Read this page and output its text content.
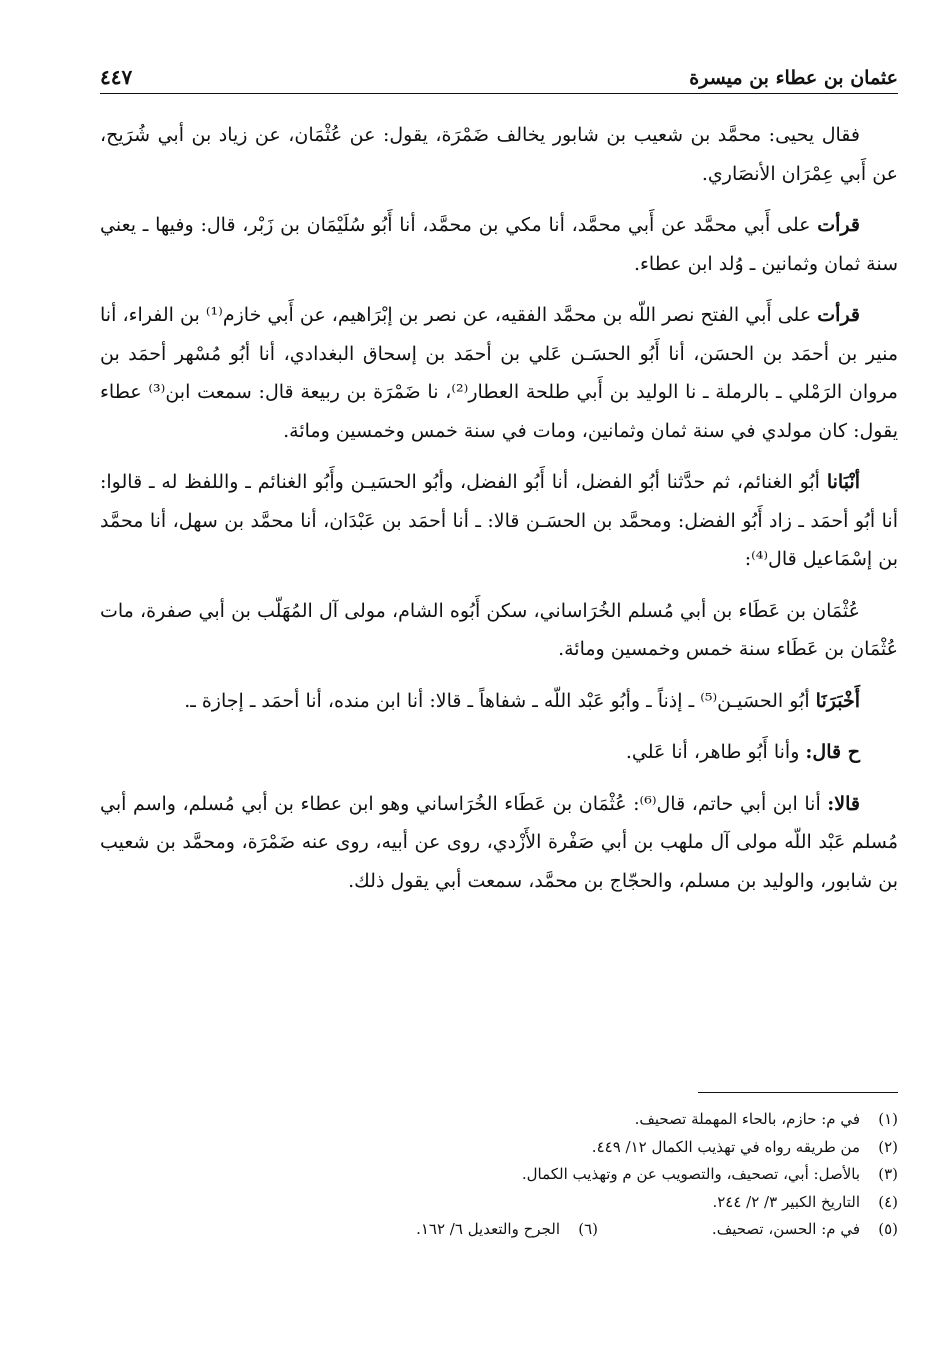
عثمان بن عطاء بن ميسرة
٤٤٧

فقال يحيى: محمَّد بن شعيب بن شابور يخالف ضَمْرَة، يقول: عن عُثْمَان، عن زياد بن أبي شُرَيح، عن أَبي عِمْرَان الأنصَاري.

قرأت على أَبي محمَّد عن أَبي محمَّد، أنا مكي بن محمَّد، أنا أَبُو سُلَيْمَان بن زَبْر، قال: وفيها ـ يعني سنة ثمان وثمانين ـ وُلد ابن عطاء.

قرأت على أَبي الفتح نصر اللّه بن محمَّد الفقيه، عن نصر بن إبْرَاهيم، عن أَبي خازم⁽¹⁾ بن الفراء، أنا منير بن أحمَد بن الحسَن، أنا أَبُو الحسَـن عَلي بن أحمَد بن إسحاق البغدادي، أنا أبُو مُسْهر أحمَد بن مروان الرَمْلي ـ بالرملة ـ نا الوليد بن أَبي طلحة العطار⁽²⁾، نا ضَمْرَة بن ربيعة قال: سمعت ابن⁽³⁾ عطاء يقول: كان مولدي في سنة ثمان وثمانين، ومات في سنة خمس وخمسين ومائة.

أنْبَانا أبُو الغنائم، ثم حدَّثنا أبُو الفضل، أنا أَبُو الفضل، وأبُو الحسَيـن وأَبُو الغنائم ـ واللفظ له ـ قالوا: أنا أبُو أحمَد ـ زاد أَبُو الفضل: ومحمَّد بن الحسَـن قالا: ـ أنا أحمَد بن عَبْدَان، أنا محمَّد بن سهل، أنا محمَّد بن إسْمَاعيل قال⁽⁴⁾:

عُثْمَان بن عَطَاء بن أبي مُسلم الخُرَاساني، سكن أَبُوه الشام، مولى آل المُهَلّب بن أبي صفرة، مات عُثْمَان بن عَطَاء سنة خمس وخمسين ومائة.

أَخْبَرَنَا أبُو الحسَيـن⁽⁵⁾ ـ إذناً ـ وأبُو عَبْد اللّه ـ شفاهاً ـ قالا: أنا ابن منده، أنا أحمَد ـ إجازة ـ.

ح قال: وأنا أَبُو طاهر، أنا عَلي.

قالا: أنا ابن أبي حاتم، قال⁽⁶⁾: عُثْمَان بن عَطَاء الخُرَاساني وهو ابن عطاء بن أبي مُسلم، واسم أبي مُسلم عَبْد اللّه مولى آل ملهب بن أبي صَفْرة الأَزْدي، روى عن أبيه، روى عنه ضَمْرَة، ومحمَّد بن شعيب بن شابور، والوليد بن مسلم، والحجّاج بن محمَّد، سمعت أبي يقول ذلك.

(١)
في م: حازم، بالحاء المهملة تصحيف.
(٢)
من طريقه رواه في تهذيب الكمال ١٢/ ٤٤٩.
(٣)
بالأصل: أبي، تصحيف، والتصويب عن م وتهذيب الكمال.
(٤)
التاريخ الكبير ٣/ ٢/ ٢٤٤.
(٥)
في م: الحسن، تصحيف.
(٦)
الجرح والتعديل ٦/ ١٦٢.
